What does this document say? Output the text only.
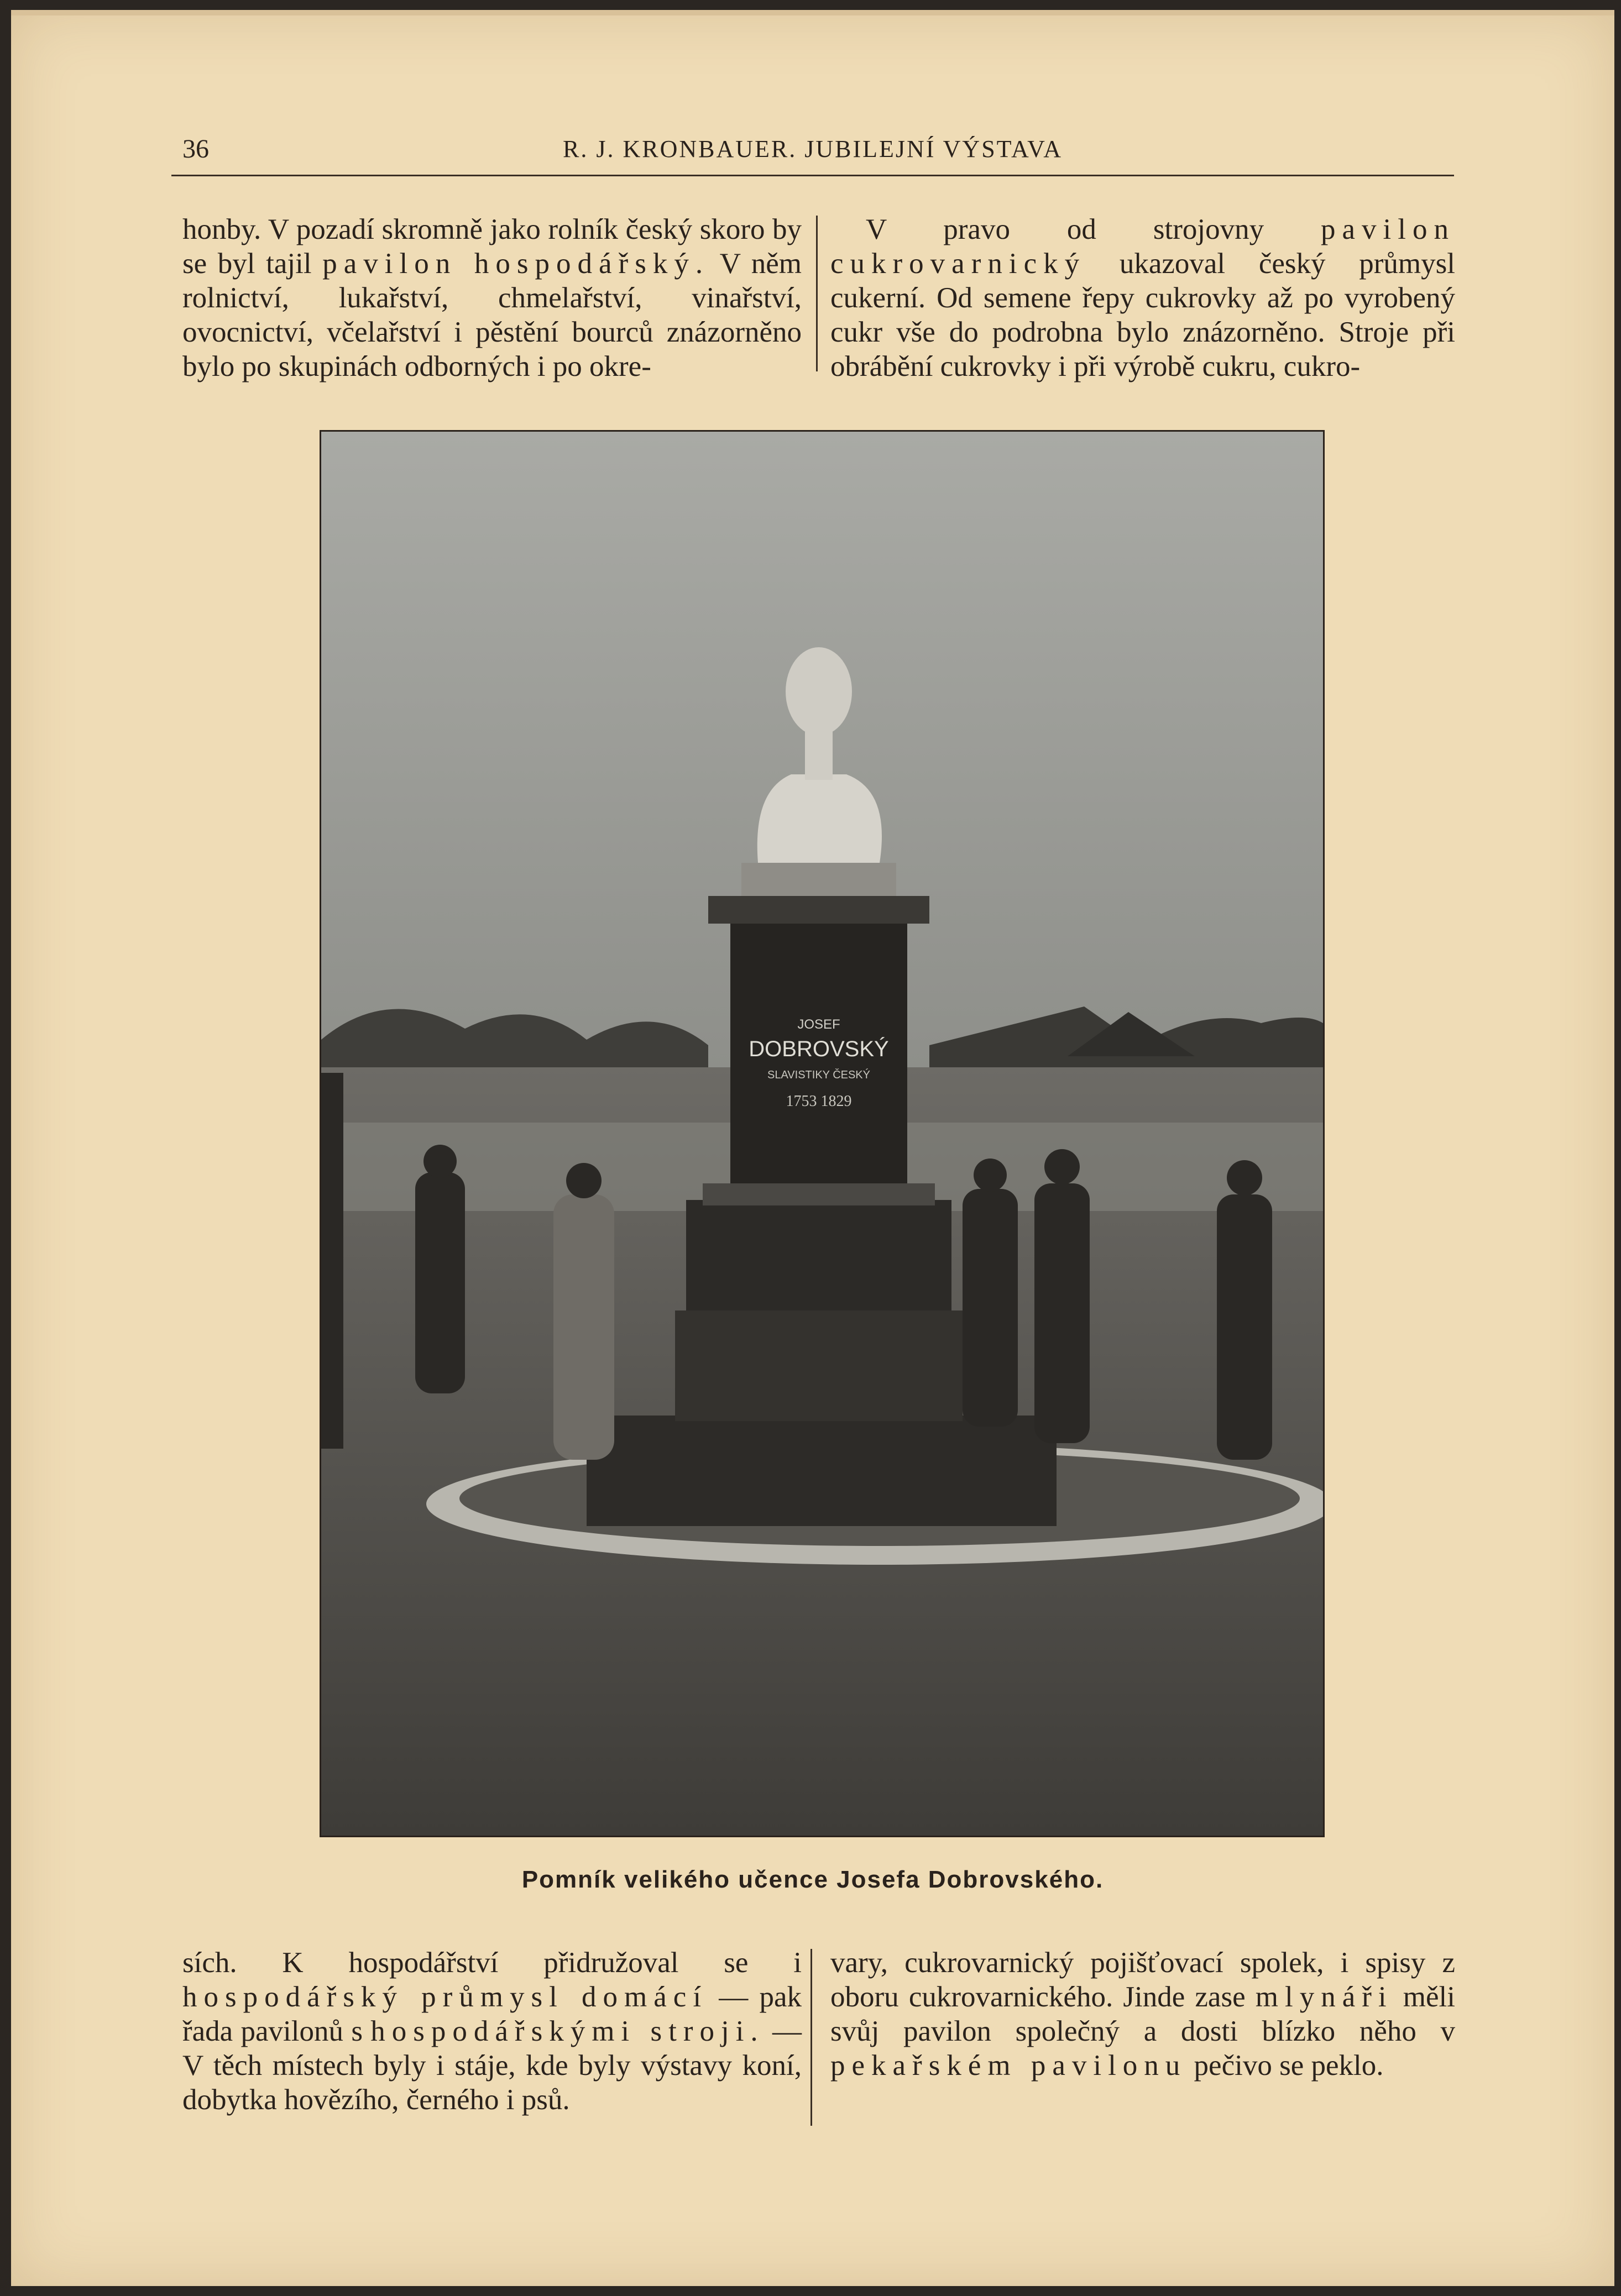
36	R. J. KRONBAUER. JUBILEJNÍ VÝSTAVA

honby. V pozadí skromně jako rolník český skoro by se byl tajil pavilon hospodářský. V něm rolnictví, lukařství, chmelařství, vinařství, ovocnictví, včelařství i pěstění bourců znázorněno bylo po skupinách odborných i po okre-

V pravo od strojovny pavilon cukrovarnický ukazoval český průmysl cukerní. Od semene řepy cukrovky až po vyrobený cukr vše do podrobna bylo znázorněno. Stroje při obrábění cukrovky i při výrobě cukru, cukro-

JOSEF
DOBROVSKÝ
SLAVISTIKY ČESKÝ
1753 1829
Pomník velikého učence Josefa Dobrovského.

sích. K hospodářství přidružoval se i hospodářský průmysl domácí — pak řada pavilonů s hospodářskými stroji. — V těch místech byly i stáje, kde byly výstavy koní, dobytka hovězího, černého i psů.

vary, cukrovarnický pojišťovací spolek, i spisy z oboru cukrovarnického. Jinde zase mlynáři měli svůj pavilon společný a dosti blízko něho v pekařském pavilonu pečivo se peklo.
